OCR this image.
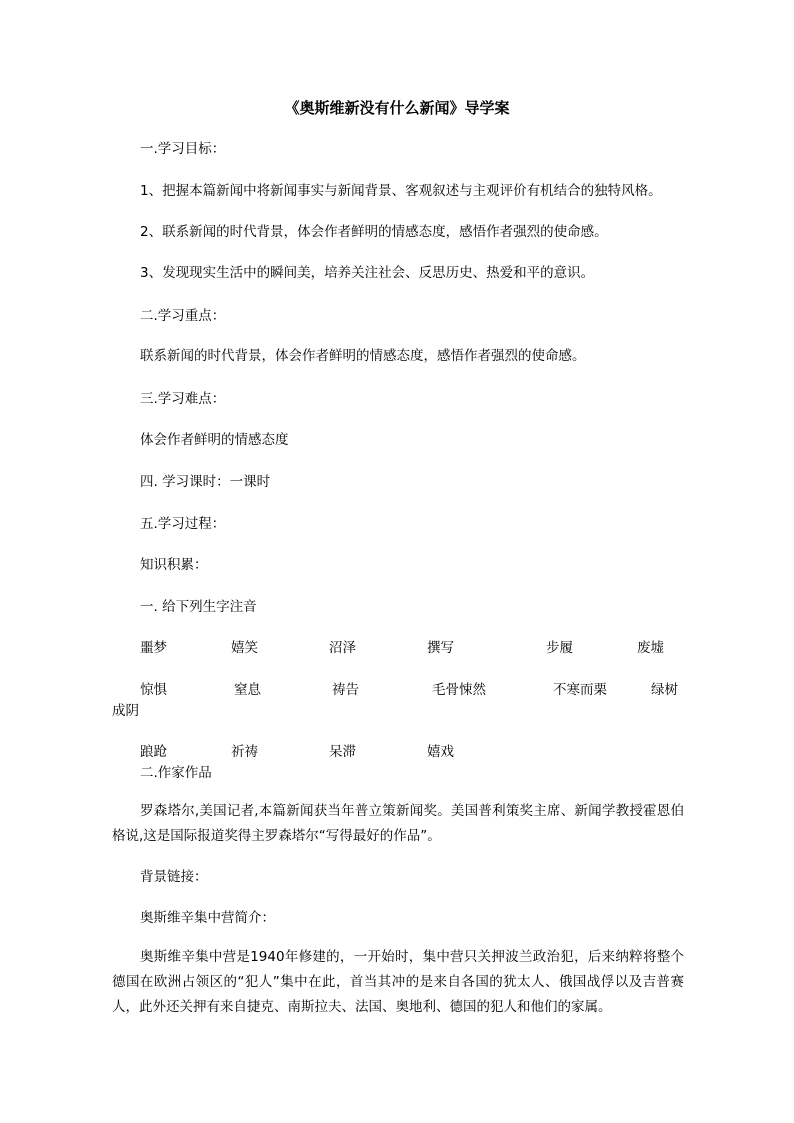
《奥斯维新没有什么新闻》导学案
一.学习目标：
1、把握本篇新闻中将新闻事实与新闻背景、客观叙述与主观评价有机结合的独特风格。
2、联系新闻的时代背景，体会作者鲜明的情感态度，感悟作者强烈的使命感。
3、发现现实生活中的瞬间美，培养关注社会、反思历史、热爱和平的意识。
二.学习重点：
联系新闻的时代背景，体会作者鲜明的情感态度，感悟作者强烈的使命感。
三.学习难点：
体会作者鲜明的情感态度
四. 学习课时：一课时
五.学习过程：
知识积累：
一. 给下列生字注音
噩梦	嬉笑	沼泽	撰写	步履	废墟
惊惧	窒息	祷告	毛骨悚然	不寒而栗	绿树
成阴
踉跄	祈祷	呆滞	嬉戏
二.作家作品
罗森塔尔,美国记者,本篇新闻获当年普立策新闻奖。美国普利策奖主席、新闻学教授霍恩伯格说,这是国际报道奖得主罗森塔尔“写得最好的作品”。
背景链接：
奥斯维辛集中营简介：
奥斯维辛集中营是1940年修建的，一开始时，集中营只关押波兰政治犯，后来纳粹将整个德国在欧洲占领区的“犯人”集中在此，首当其冲的是来自各国的犹太人、俄国战俘以及吉普赛人，此外还关押有来自捷克、南斯拉夫、法国、奥地利、德国的犯人和他们的家属。
